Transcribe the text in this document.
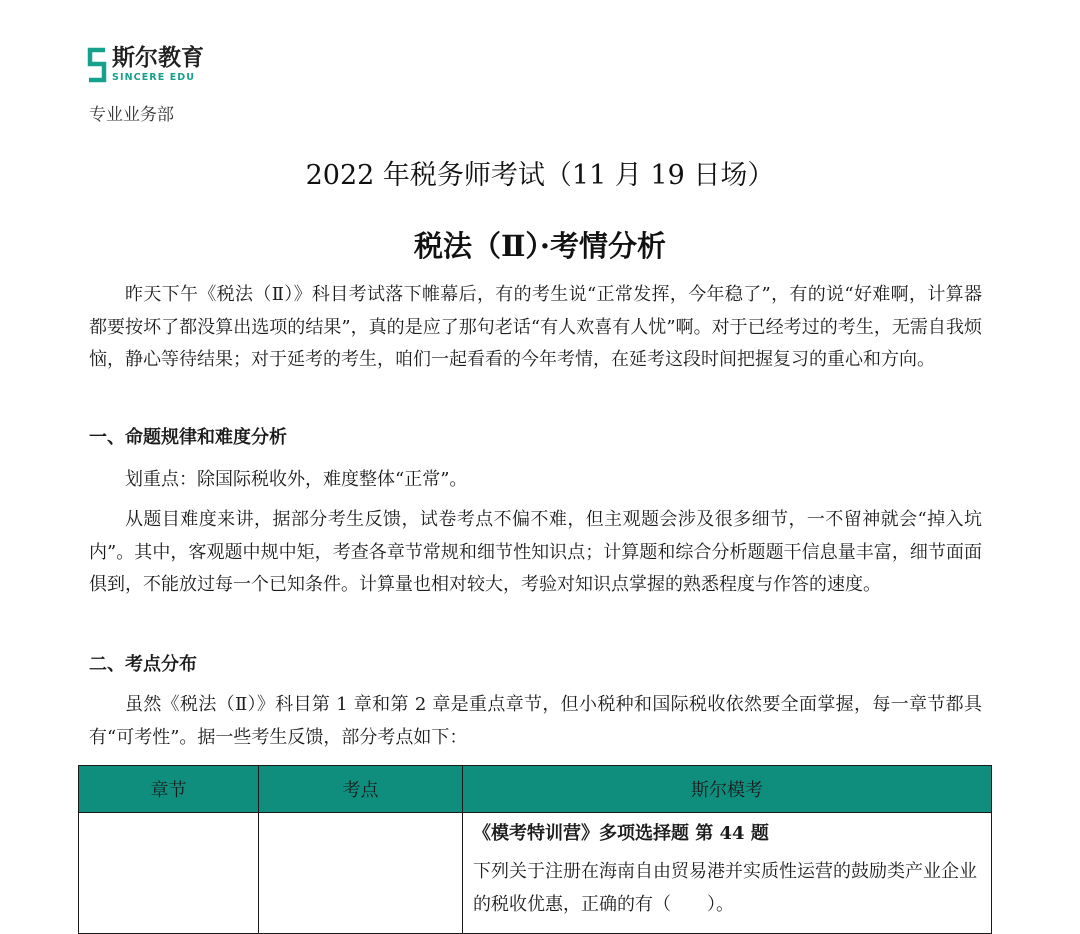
斯尔教育
SINCERE EDU
专业业务部
2022 年税务师考试（11 月 19 日场）
税法（Ⅱ）·考情分析

昨天下午《税法（Ⅱ）》科目考试落下帷幕后，有的考生说“正常发挥，今年稳了”，有的说“好难啊，计算器都要按坏了都没算出选项的结果”，真的是应了那句老话“有人欢喜有人忧”啊。对于已经考过的考生，无需自我烦恼，静心等待结果；对于延考的考生，咱们一起看看的今年考情，在延考这段时间把握复习的重心和方向。

一、命题规律和难度分析

划重点：除国际税收外，难度整体“正常”。

从题目难度来讲，据部分考生反馈，试卷考点不偏不难，但主观题会涉及很多细节，一不留神就会“掉入坑内”。其中，客观题中规中矩，考查各章节常规和细节性知识点；计算题和综合分析题题干信息量丰富，细节面面俱到，不能放过每一个已知条件。计算量也相对较大，考验对知识点掌握的熟悉程度与作答的速度。

二、考点分布

虽然《税法（Ⅱ）》科目第 1 章和第 2 章是重点章节，但小税种和国际税收依然要全面掌握，每一章节都具有“可考性”。据一些考生反馈，部分考点如下：

章节	考点	斯尔模考

		《模考特训营》多项选择题 第 44 题
下列关于注册在海南自由贸易港并实质性运营的鼓励类产业企业的税收优惠，正确的有（　　）。
